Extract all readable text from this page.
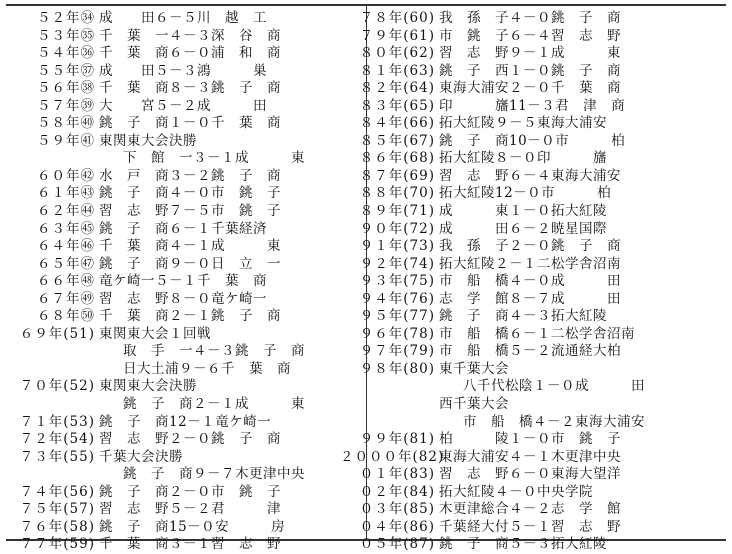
５２年㉞ 成　　田６－５川　越　工
５３年㉟ 千　葉　一４－３深　谷　商
５４年㊱ 千　葉　商６－０浦　和　商
５５年㊲ 成　　田５－３鴻　　　巣
５６年㊳ 千　葉　商８－３銚　子　商
５７年㊴ 大　　宮５－２成　　　田
５８年㊵ 銚　子　商１－０千　葉　商
５９年㊶ 東関東大会決勝
下　館　一３－１成　　　東
６０年㊷ 水　戸　商３－２銚　子　商
６１年㊸ 銚　子　商４－０市　銚　子
６２年㊹ 習　志　野７－５市　銚　子
６３年㊺ 銚　子　商６－１千葉経済
６４年㊻ 千　葉　商４－１成　　　東
６５年㊼ 銚　子　商９－０日　立　一
６６年㊽ 竜ケ崎一５－１千　葉　商
６７年㊾ 習　志　野８－０竜ケ崎一
６８年㊿ 千　葉　商２－１銚　子　商
６９年(51) 東関東大会１回戦
取　手　一４－３銚　子　商
日大土浦９－６千　葉　商
７０年(52) 東関東大会決勝
銚　子　商２－１成　　　東
７１年(53) 銚　子　商12－１竜ケ崎一
７２年(54) 習　志　野２－０銚　子　商
７３年(55) 千葉大会決勝
銚　子　商９－７木更津中央
７４年(56) 銚　子　商２－０市　銚　子
７５年(57) 習　志　野５－２君　　　津
７６年(58) 銚　子　商15－０安　　　房
７７年(59) 千　葉　商３－１習　志　野
７８年(60) 我　孫　子４－０銚　子　商
７９年(61) 市　銚　子６－４習　志　野
８０年(62) 習　志　野９－１成　　　東
８１年(63) 銚　子　西１－０銚　子　商
８２年(64) 東海大浦安２－０千　葉　商
８３年(65) 印　　　旛11－３君　津　商
８４年(66) 拓大紅陵９－５東海大浦安
８５年(67) 銚　子　商10－０市　　　柏
８６年(68) 拓大紅陵８－０印　　　旛
８７年(69) 習　志　野６－４東海大浦安
８８年(70) 拓大紅陵12－０市　　　柏
８９年(71) 成　　　東１－０拓大紅陵
９０年(72) 成　　　田６－２暁星国際
９１年(73) 我　孫　子２－０銚　子　商
９２年(74) 拓大紅陵２－１二松学舎沼南
９３年(75) 市　船　橋４－０成　　　田
９４年(76) 志　学　館８－７成　　　田
９５年(77) 銚　子　商４－３拓大紅陵
９６年(78) 市　船　橋６－１二松学舎沼南
９７年(79) 市　船　橋５－２流通経大柏
９８年(80) 東千葉大会
八千代松陰１－０成　　　田
西千葉大会
市　船　橋４－２東海大浦安
９９年(81) 柏　　　陵１－０市　銚　子
２０００年(82)
東海大浦安４－１木更津中央
０１年(83) 習　志　野６－０東海大望洋
０２年(84) 拓大紅陵４－０中央学院
０３年(85) 木更津総合４－２志　学　館
０４年(86) 千葉経大付５－１習　志　野
０５年(87) 銚　子　商５－３拓大紅陵
